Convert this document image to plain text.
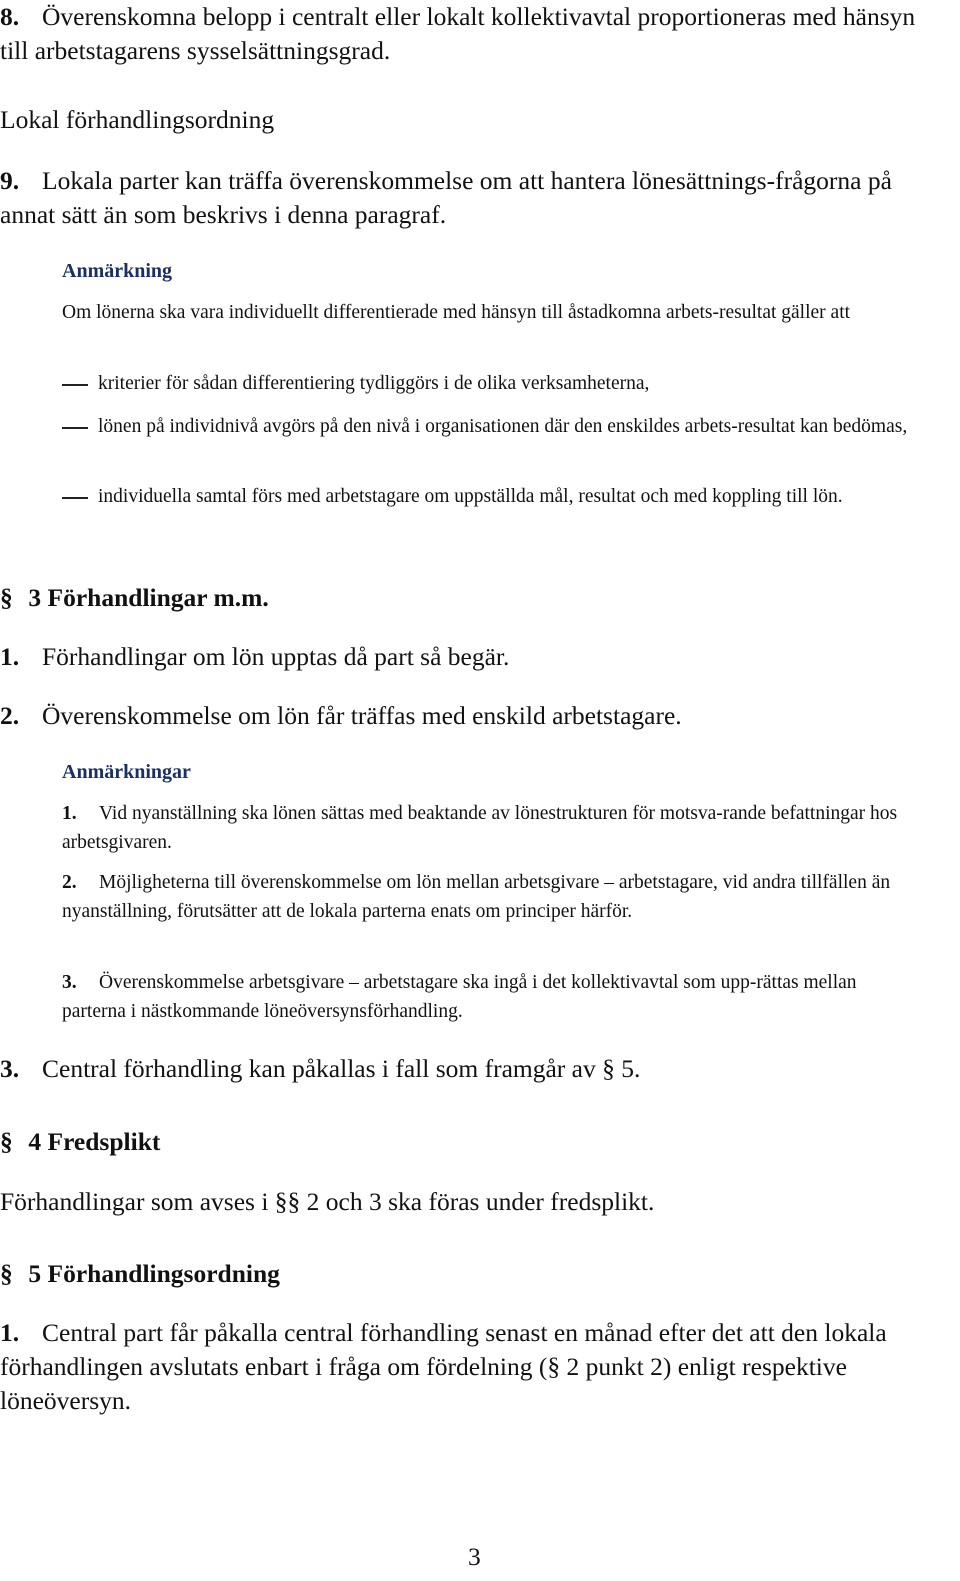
8. Överenskomna belopp i centralt eller lokalt kollektivavtal proportioneras med hänsyn till arbetstagarens sysselsättningsgrad.
Lokal förhandlingsordning
9. Lokala parter kan träffa överenskommelse om att hantera lönesättnings-frågorna på annat sätt än som beskrivs i denna paragraf.
Anmärkning
Om lönerna ska vara individuellt differentierade med hänsyn till åstadkomna arbets-resultat gäller att
kriterier för sådan differentiering tydliggörs i de olika verksamheterna,
lönen på individnivå avgörs på den nivå i organisationen där den enskildes arbets-resultat kan bedömas,
individuella samtal förs med arbetstagare om uppställda mål, resultat och med koppling till lön.
§ 3 Förhandlingar m.m.
1. Förhandlingar om lön upptas då part så begär.
2. Överenskommelse om lön får träffas med enskild arbetstagare.
Anmärkningar
1. Vid nyanställning ska lönen sättas med beaktande av lönestrukturen för motsva-rande befattningar hos arbetsgivaren.
2. Möjligheterna till överenskommelse om lön mellan arbetsgivare – arbetstagare, vid andra tillfällen än nyanställning, förutsätter att de lokala parterna enats om principer härför.
3. Överenskommelse arbetsgivare – arbetstagare ska ingå i det kollektivavtal som upp-rättas mellan parterna i nästkommande löneöversynsförhandling.
3. Central förhandling kan påkallas i fall som framgår av § 5.
§ 4 Fredsplikt
Förhandlingar som avses i §§ 2 och 3 ska föras under fredsplikt.
§ 5 Förhandlingsordning
1. Central part får påkalla central förhandling senast en månad efter det att den lokala förhandlingen avslutats enbart i fråga om fördelning (§ 2 punkt 2) enligt respektive löneöversyn.
3
